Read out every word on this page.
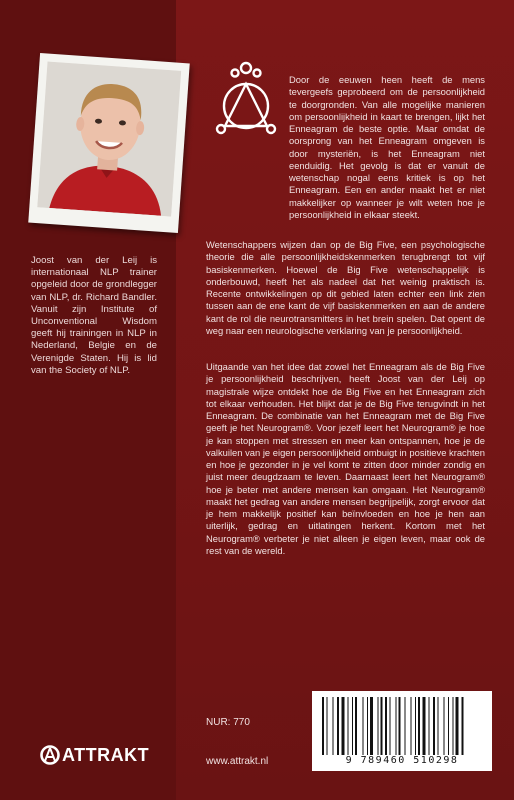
Joost van der Leij is internationaal NLP trainer opgeleid door de grondlegger van NLP, dr. Richard Bandler. Vanuit zijn Institute of Unconventional Wisdom geeft hij trainingen in NLP in Nederland, Belgie en de Verenigde Staten. Hij is lid van the Society of NLP.

Door de eeuwen heen heeft de mens tevergeefs geprobeerd om de persoonlijkheid te doorgronden. Van alle mogelijke manieren om persoonlijkheid in kaart te brengen, lijkt het Enneagram de beste optie. Maar omdat de oorsprong van het Enneagram omgeven is door mysteriën, is het Enneagram niet eenduidig. Het gevolg is dat er vanuit de wetenschap nogal eens kritiek is op het Enneagram. Een en ander maakt het er niet makkelijker op wanneer je wilt weten hoe je persoonlijkheid in elkaar steekt.

Wetenschappers wijzen dan op de Big Five, een psychologische theorie die alle persoonlijkheidskenmerken terugbrengt tot vijf basiskenmerken. Hoewel de Big Five wetenschappelijk is onderbouwd, heeft het als nadeel dat het weinig praktisch is. Recente ontwikkelingen op dit gebied laten echter een link zien tussen aan de ene kant de vijf basiskenmerken en aan de andere kant de rol die neurotransmitters in het brein spelen. Dat opent de weg naar een neurologische verklaring van je persoonlijkheid.

Uitgaande van het idee dat zowel het Enneagram als de Big Five je persoonlijkheid beschrijven, heeft Joost van der Leij op magistrale wijze ontdekt hoe de Big Five en het Enneagram zich tot elkaar verhouden. Het blijkt dat je de Big Five terugvindt in het Enneagram. De combinatie van het Enneagram met de Big Five geeft je het Neurogram®. Voor jezelf leert het Neurogram® je hoe je kan stoppen met stressen en meer kan ontspannen, hoe je de valkuilen van je eigen persoonlijkheid ombuigt in positieve krachten en hoe je gezonder in je vel komt te zitten door minder zondig en juist meer deugdzaam te leven. Daarnaast leert het Neurogram® hoe je beter met andere mensen kan omgaan. Het Neurogram® maakt het gedrag van andere mensen begrijpelijk, zorgt ervoor dat je hem makkelijk positief kan beïnvloeden en hoe je hen aan uiterlijk, gedrag en uitlatingen herkent. Kortom met het Neurogram® verbeter je niet alleen je eigen leven, maar ook de rest van de wereld.

NUR: 770
www.attrakt.nl
ATTRAKT	9 789460 510298
